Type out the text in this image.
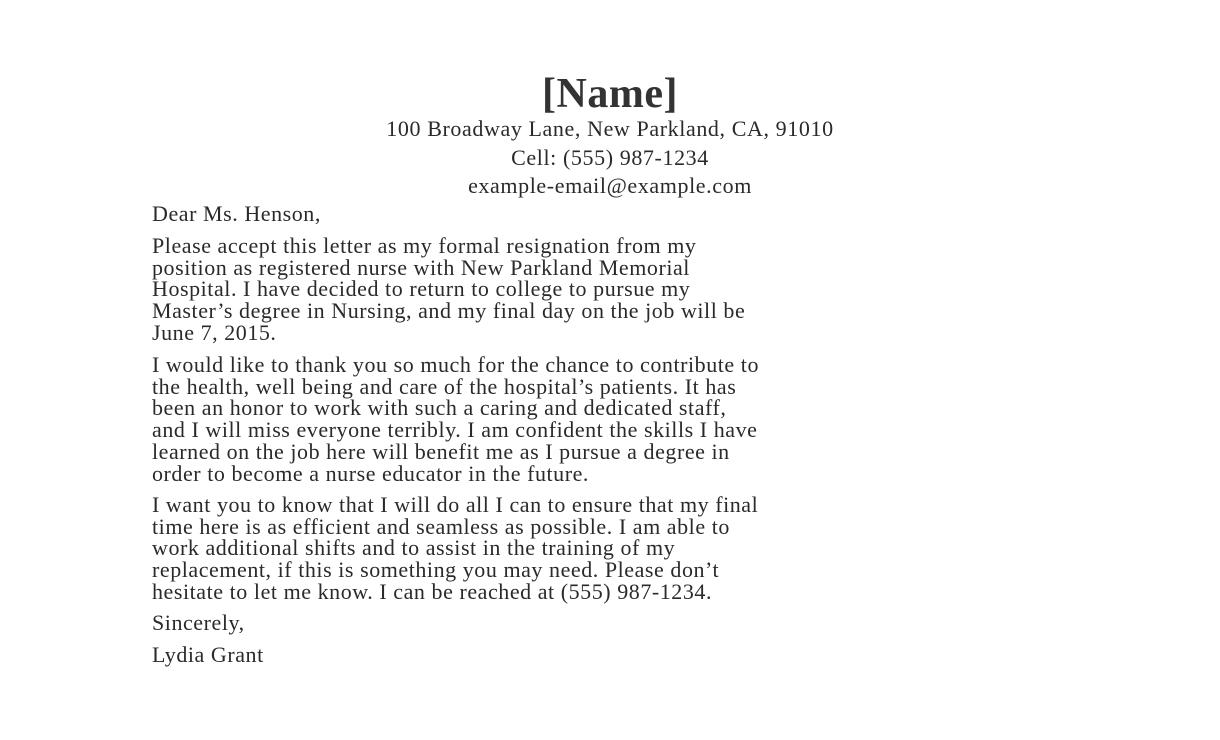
[Name]
100 Broadway Lane, New Parkland, CA, 91010
Cell: (555) 987-1234
example-email@example.com
Dear Ms. Henson,
Please accept this letter as my formal resignation from my
position as registered nurse with New Parkland Memorial
Hospital. I have decided to return to college to pursue my
Master’s degree in Nursing, and my final day on the job will be
June 7, 2015.
I would like to thank you so much for the chance to contribute to
the health, well being and care of the hospital’s patients. It has
been an honor to work with such a caring and dedicated staff,
and I will miss everyone terribly. I am confident the skills I have
learned on the job here will benefit me as I pursue a degree in
order to become a nurse educator in the future.
I want you to know that I will do all I can to ensure that my final
time here is as efficient and seamless as possible. I am able to
work additional shifts and to assist in the training of my
replacement, if this is something you may need. Please don’t
hesitate to let me know. I can be reached at (555) 987-1234.
Sincerely,
Lydia Grant
